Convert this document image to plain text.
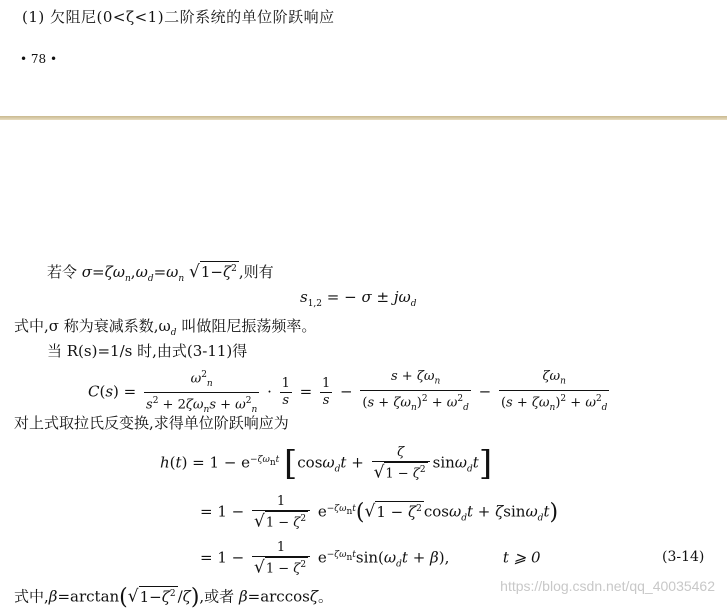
(1) 欠阻尼(0<ζ<1)二阶系统的单位阶跃响应
• 78 •
若令 $\sigma=\zeta\omega_n,\omega_d=\omega_n$ $√1-\zeta^2$ ,则有
$s_{1,2}$ = − $\sigma \pm j\omega_d$
式中,σ 称为衰减系数$,\omega_d$ 叫做阻尼振荡频率。
当 R(s)=1/s 时,由式(3-11)得
$C(s) = \frac{\omega^2_n}{s^2 + 2\zeta\omega_ns + \omega^2_n} \cdot \frac{1}{s} = \frac{1}{s} - \frac{s + \zeta\omega_n}{(s + \zeta\omega_n)^2 + \omega^2_d} - \frac{\zeta\omega_n}{(s + \zeta\omega_n)^2 + \omega^2_d}$
对上式取拉氏反变换,求得单位阶跃响应为
$h(t) = 1 - e^{-\zeta\omega_nt}$ $[\cos\omega_dt + \frac{\zeta}{√1 - \zeta^2} \sin\omega_dt]$
= $1 - \frac{1}{√1 - \zeta^2} e^{-\zeta\omega_nt}(√1 - \zeta^2$ cosω$_d$t + ζsinω$_d$t)
= $1 - \frac{1}{√1 - \zeta^2} e^{-\zeta\omega_nt}\sin(\omega_dt + \beta)$,	t ⩾ 0	(3-14)
式中$,\beta=\arctan(√1-\zeta^2$ /ζ),或者 β=arccosζ。
https://blog.csdn.net/qq_40035462
